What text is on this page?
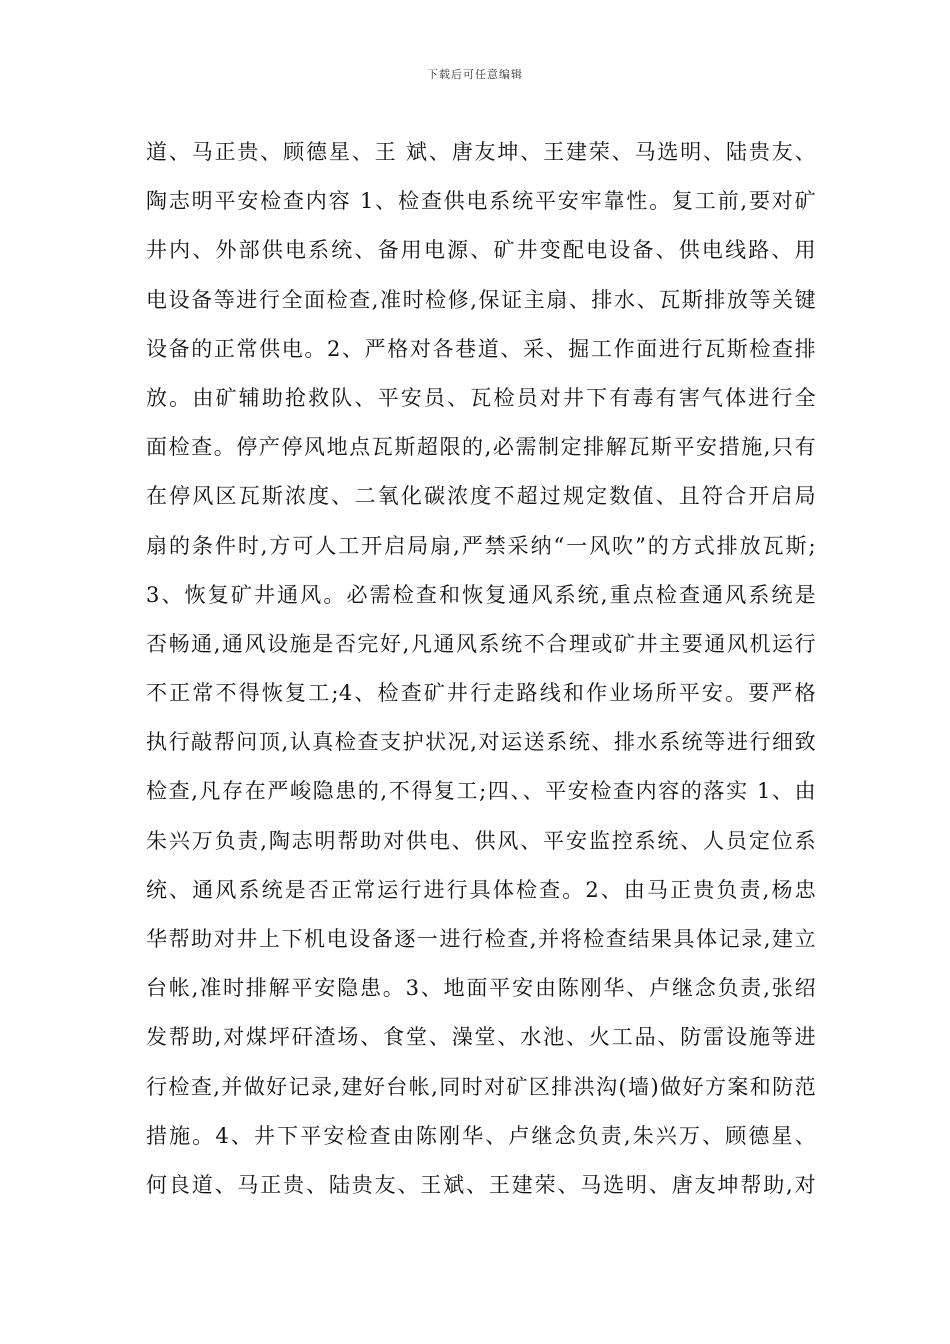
下载后可任意编辑
道、马正贵、顾德星、王 斌、唐友坤、王建荣、马选明、陆贵友、
陶志明平安检查内容 1、检查供电系统平安牢靠性。复工前,要对矿
井内、外部供电系统、备用电源、矿井变配电设备、供电线路、用
电设备等进行全面检查,准时检修,保证主扇、排水、瓦斯排放等关键
设备的正常供电。2、严格对各巷道、采、掘工作面进行瓦斯检查排
放。由矿辅助抢救队、平安员、瓦检员对井下有毒有害气体进行全
面检查。停产停风地点瓦斯超限的,必需制定排解瓦斯平安措施,只有
在停风区瓦斯浓度、二氧化碳浓度不超过规定数值、且符合开启局
扇的条件时,方可人工开启局扇,严禁采纳“一风吹”的方式排放瓦斯;
3、恢复矿井通风。必需检查和恢复通风系统,重点检查通风系统是
否畅通,通风设施是否完好,凡通风系统不合理或矿井主要通风机运行
不正常不得恢复工;4、检查矿井行走路线和作业场所平安。要严格
执行敲帮问顶,认真检查支护状况,对运送系统、排水系统等进行细致
检查,凡存在严峻隐患的,不得复工;四、、平安检查内容的落实 1、由
朱兴万负责,陶志明帮助对供电、供风、平安监控系统、人员定位系
统、通风系统是否正常运行进行具体检查。2、由马正贵负责,杨忠
华帮助对井上下机电设备逐一进行检查,并将检查结果具体记录,建立
台帐,准时排解平安隐患。3、地面平安由陈刚华、卢继念负责,张绍
发帮助,对煤坪矸渣场、食堂、澡堂、水池、火工品、防雷设施等进
行检查,并做好记录,建好台帐,同时对矿区排洪沟(墙)做好方案和防范
措施。4、井下平安检查由陈刚华、卢继念负责,朱兴万、顾德星、
何良道、马正贵、陆贵友、王斌、王建荣、马选明、唐友坤帮助,对
